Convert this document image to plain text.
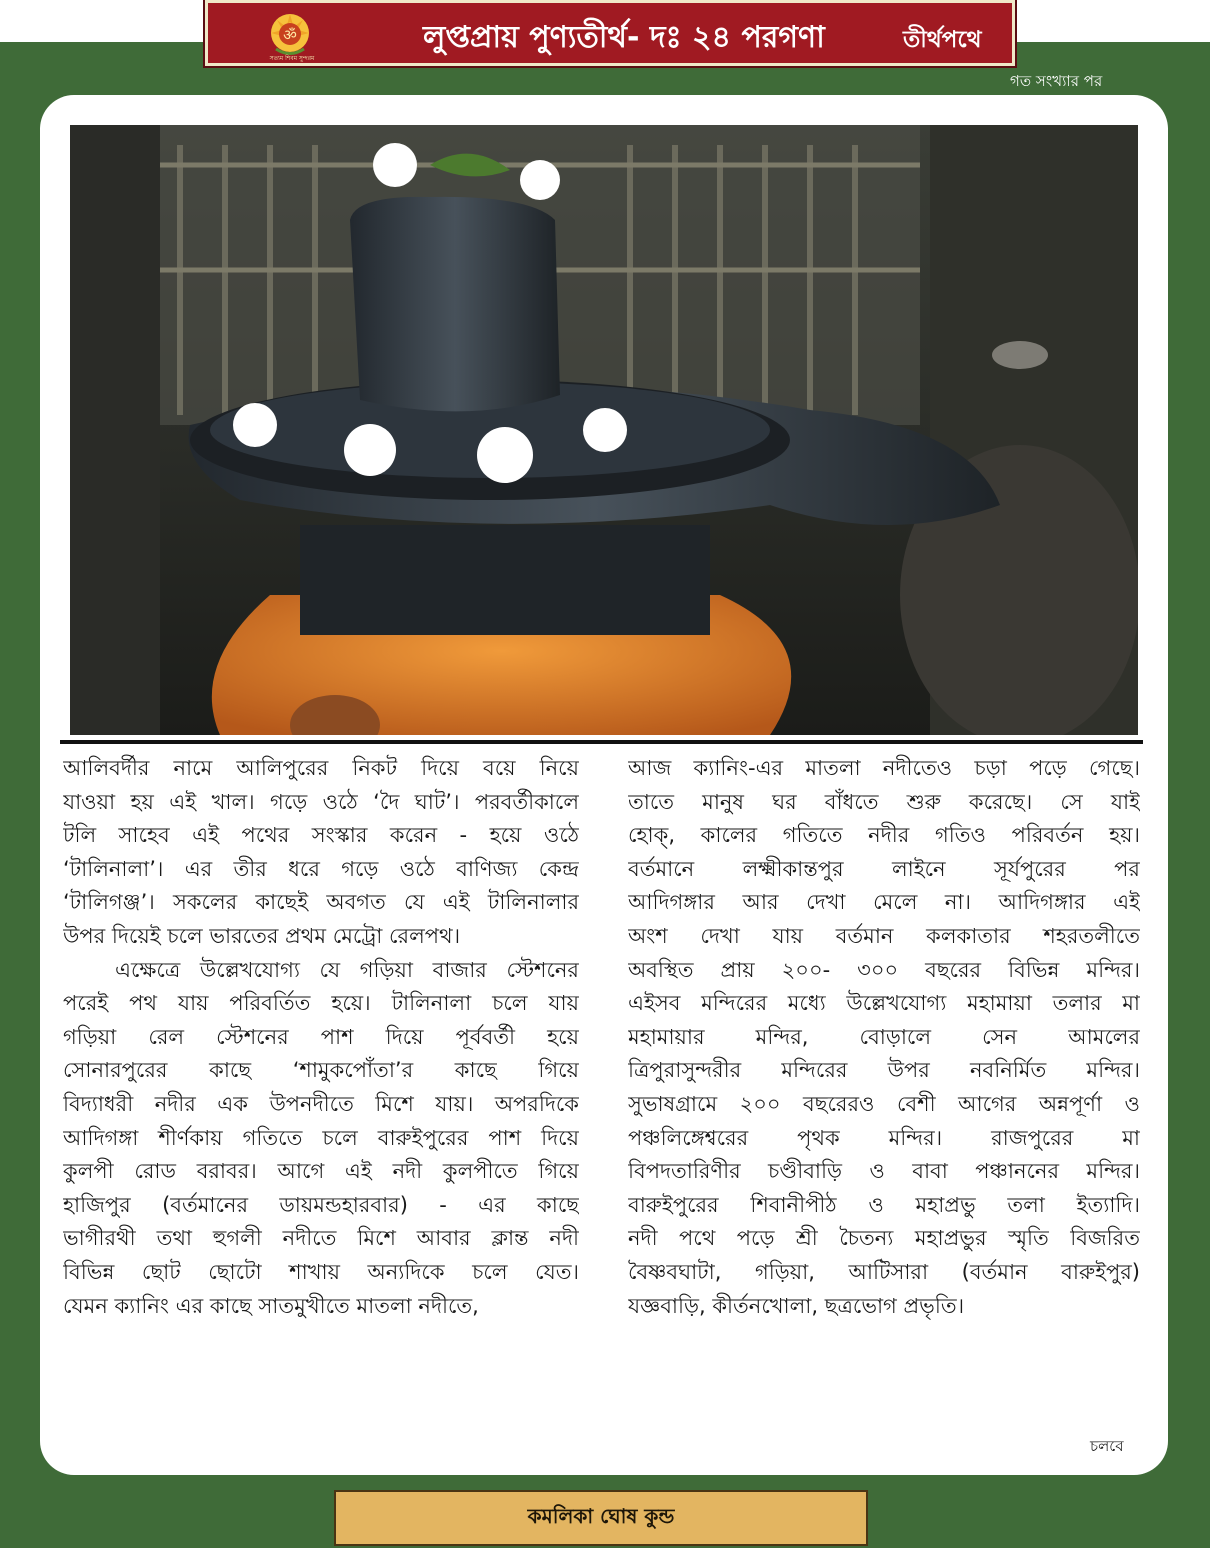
ॐ
সত্যম শিবম সুন্দরম
লুপ্তপ্রায় পুণ্যতীর্থ- দঃ ২৪ পরগণা	তীর্থপথে
গত সংখ্যার পর
আলিবর্দীর নামে আলিপুরের নিকট দিয়ে বয়ে নিয়ে
যাওয়া হয় এই খাল। গড়ে ওঠে ‘দৈ ঘাট’। পরবর্তীকালে
টলি সাহেব এই পথের সংস্কার করেন - হয়ে ওঠে
‘টালিনালা’। এর তীর ধরে গড়ে ওঠে বাণিজ্য কেন্দ্র
‘টালিগঞ্জ’। সকলের কাছেই অবগত যে এই টালিনালার
উপর দিয়েই চলে ভারতের প্রথম মেট্রো রেলপথ।
এক্ষেত্রে উল্লেখযোগ্য যে গড়িয়া বাজার স্টেশনের
পরেই পথ যায় পরিবর্তিত হয়ে। টালিনালা চলে যায়
গড়িয়া রেল স্টেশনের পাশ দিয়ে পূর্ববর্তী হয়ে
সোনারপুরের কাছে ‘শামুকপোঁতা’র কাছে গিয়ে
বিদ্যাধরী নদীর এক উপনদীতে মিশে যায়। অপরদিকে
আদিগঙ্গা শীর্ণকায় গতিতে চলে বারুইপুরের পাশ দিয়ে
কুলপী রোড বরাবর। আগে এই নদী কুলপীতে গিয়ে
হাজিপুর (বর্তমানের ডায়মন্ডহারবার) - এর কাছে
ভাগীরথী তথা হুগলী নদীতে মিশে আবার ক্লান্ত নদী
বিভিন্ন ছোট ছোটো শাখায় অন্যদিকে চলে যেত।
যেমন ক্যানিং এর কাছে সাতমুখীতে মাতলা নদীতে,
আজ ক্যানিং-এর মাতলা নদীতেও চড়া পড়ে গেছে।
তাতে মানুষ ঘর বাঁধতে শুরু করেছে। সে যাই
হোক্, কালের গতিতে নদীর গতিও পরিবর্তন হয়।
বর্তমানে লক্ষ্মীকান্তপুর লাইনে সূর্যপুরের পর
আদিগঙ্গার আর দেখা মেলে না। আদিগঙ্গার এই
অংশ দেখা যায় বর্তমান কলকাতার শহরতলীতে
অবস্থিত প্রায় ২০০- ৩০০ বছরের বিভিন্ন মন্দির।
এইসব মন্দিরের মধ্যে উল্লেখযোগ্য মহামায়া তলার মা
মহামায়ার মন্দির, বোড়ালে সেন আমলের
ত্রিপুরাসুন্দরীর মন্দিরের উপর নবনির্মিত মন্দির।
সুভাষগ্রামে ২০০ বছরেরও বেশী আগের অন্নপূর্ণা ও
পঞ্চলিঙ্গেশ্বরের পৃথক মন্দির। রাজপুরের মা
বিপদতারিণীর চণ্ডীবাড়ি ও বাবা পঞ্চাননের মন্দির।
বারুইপুরের শিবানীপীঠ ও মহাপ্রভু তলা ইত্যাদি।
নদী পথে পড়ে শ্রী চৈতন্য মহাপ্রভুর স্মৃতি বিজরিত
বৈষ্ণবঘাটা, গড়িয়া, আটিসারা (বর্তমান বারুইপুর)
যজ্ঞবাড়ি, কীর্তনখোলা, ছত্রভোগ প্রভৃতি।
চলবে
কমলিকা ঘোষ কুন্ড
